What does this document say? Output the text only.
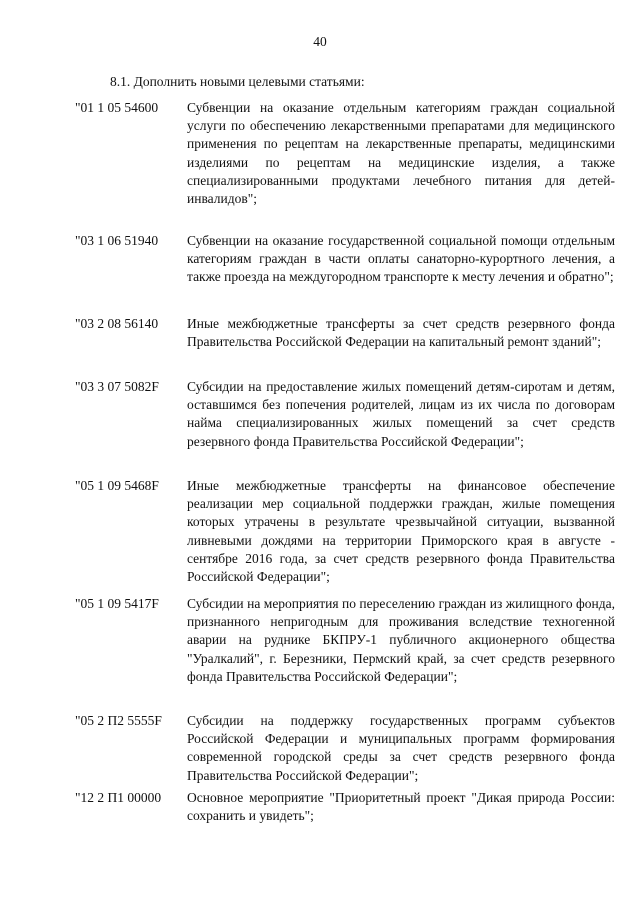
40
8.1. Дополнить новыми целевыми статьями:
"01 1 05 54600	Субвенции на оказание отдельным категориям граждан социальной услуги по обеспечению лекарственными препаратами для медицинского применения по рецептам на лекарственные препараты, медицинскими изделиями по рецептам на медицинские изделия, а также специализированными продуктами лечебного питания для детей-инвалидов";
"03 1 06 51940	Субвенции на оказание государственной социальной помощи отдельным категориям граждан в части оплаты санаторно-курортного лечения, а также проезда на междугородном транспорте к месту лечения и обратно";
"03 2 08 56140	Иные межбюджетные трансферты за счет средств резервного фонда Правительства Российской Федерации на капитальный ремонт зданий";
"03 3 07 5082F	Субсидии на предоставление жилых помещений детям-сиротам и детям, оставшимся без попечения родителей, лицам из их числа по договорам найма специализированных жилых помещений за счет средств резервного фонда Правительства Российской Федерации";
"05 1 09 5468F	Иные межбюджетные трансферты на финансовое обеспечение реализации мер социальной поддержки граждан, жилые помещения которых утрачены в результате чрезвычайной ситуации, вызванной ливневыми дождями на территории Приморского края в августе - сентябре 2016 года, за счет средств резервного фонда Правительства Российской Федерации";
"05 1 09 5417F	Субсидии на мероприятия по переселению граждан из жилищного фонда, признанного непригодным для проживания вследствие техногенной аварии на руднике БКПРУ-1 публичного акционерного общества "Уралкалий", г. Березники, Пермский край, за счет средств резервного фонда Правительства Российской Федерации";
"05 2 П2 5555F	Субсидии на поддержку государственных программ субъектов Российской Федерации и муниципальных программ формирования современной городской среды за счет средств резервного фонда Правительства Российской Федерации";
"12 2 П1 00000	Основное мероприятие "Приоритетный проект "Дикая природа России: сохранить и увидеть";
